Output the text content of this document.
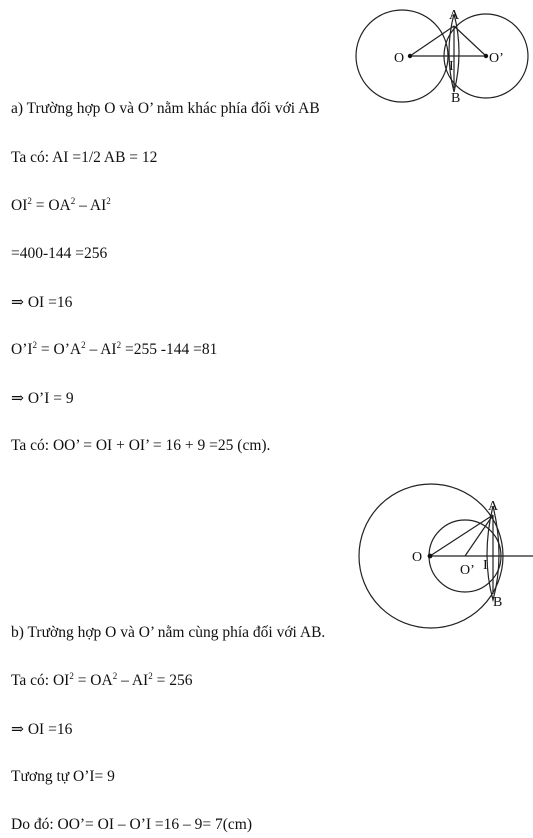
A
B
O	O’
I
a) Trường hợp O và O’ nằm khác phía đối với AB
Ta có: AI =1/2 AB = 12
$OI^2 = OA^2 - AI^2$
=400-144 =256
⇒ OI =16
$O’I^2$ = $O’A^2 - AI^2 =255$ -144 =81
⇒ O’I = 9
Ta có: OO’ = OI + OI’ = 16 + 9 =25 (cm).
A
B
O
O’ I
b) Trường hợp O và O’ nằm cùng phía đối với AB.
Ta có: $OI^2 = OA^2 - AI^2 = 256$
⇒ OI =16
Tương tự O’I= 9
Do đó: OO’= OI – O’I =16 – 9= 7(cm)
